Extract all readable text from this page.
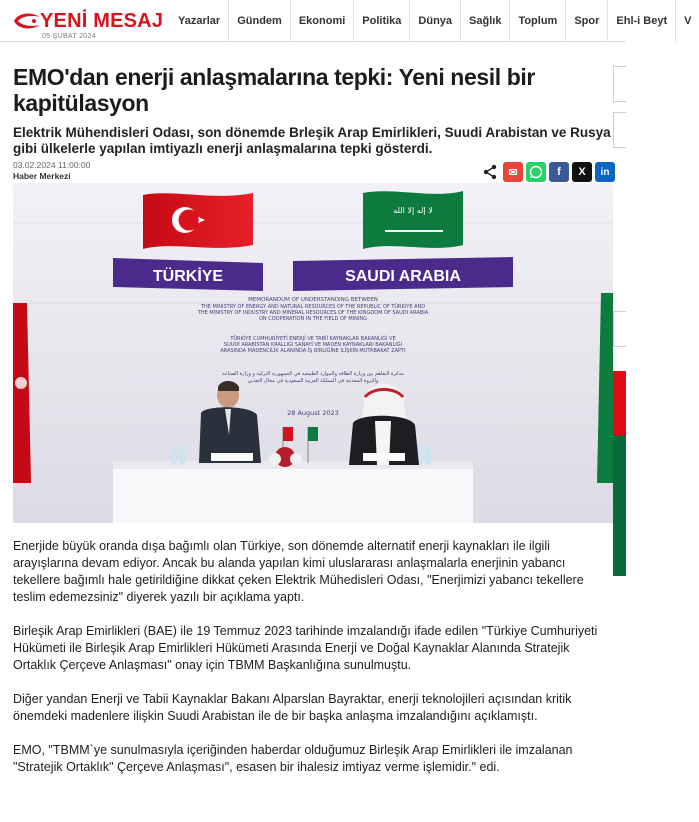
YENİ MESAJ
05 ŞUBAT 2024
Yazarlar	Gündem	Ekonomi	Politika	Dünya	Sağlık	Toplum	Spor	Ehl-i Beyt	V
EMO'dan enerji anlaşmalarına tepki: Yeni nesil bir kapitülasyon

Elektrik Mühendisleri Odası, son dönemde Brleşik Arap Emirlikleri, Suudi Arabistan ve Rusya gibi ülkelerle yapılan imtiyazlı enerji anlaşmalarına tepki gösterdi.

03.02.2024 11:00:00
Haber Merkezi	✉	f	X	in
لا إله إلا الله
TÜRKİYE	SAUDI ARABIA
MEMORANDUM OF UNDERSTANDING BETWEEN
THE MINISTRY OF ENERGY AND NATURAL RESOURCES OF THE REPUBLIC OF TÜRKİYE AND
THE MINISTRY OF INDUSTRY AND MINERAL RESOURCES OF THE KINGDOM OF SAUDI ARABIA
ON COOPERATION IN THE FIELD OF MINING
TÜRKİYE CUMHURİYETİ ENERJİ VE TABİİ KAYNAKLAR BAKANLIĞI VE
SUUDİ ARABİSTAN KRALLIĞI SANAYİ VE MADEN KAYNAKLARI BAKANLIĞI
ARASINDA MADENCİLİK ALANINDA İŞ BİRLİĞİNE İLİŞKİN MUTABAKAT ZAPTI
مذكرة التفاهم بين وزارة الطاقة والموارد الطبيعية في الجمهورية التركية و وزارة الصناعة
والثروة المعدنية في المملكة العربية السعودية في مجال التعدين
28 August 2023

Enerjide büyük oranda dışa bağımlı olan Türkiye, son dönemde alternatif enerji kaynakları ile ilgili arayışlarına devam ediyor. Ancak bu alanda yapılan kimi uluslararası anlaşmalarla enerjinin yabancı tekellere bağımlı hale getirildiğine dikkat çeken Elektrik Mühedisleri Odası, "Enerjimizi yabancı tekellere teslim edemezsiniz" diyerek yazılı bir açıklama yaptı.

Birleşik Arap Emirlikleri (BAE) ile 19 Temmuz 2023 tarihinde imzalandığı ifade edilen "Türkiye Cumhuriyeti Hükümeti ile Birleşik Arap Emirlikleri Hükümeti Arasında Enerji ve Doğal Kaynaklar Alanında Stratejik Ortaklık Çerçeve Anlaşması" onay için TBMM Başkanlığına sunulmuştu.

Diğer yandan Enerji ve Tabii Kaynaklar Bakanı Alparslan Bayraktar, enerji teknolojileri açısından kritik önemdeki madenlere ilişkin Suudi Arabistan ile de bir başka anlaşma imzalandığını açıklamıştı.

EMO, "TBMM`ye sunulmasıyla içeriğinden haberdar olduğumuz Birleşik Arap Emirlikleri ile imzalanan "Stratejik Ortaklık" Çerçeve Anlaşması", esasen bir ihalesiz imtiyaz verme işlemidir." edi.
